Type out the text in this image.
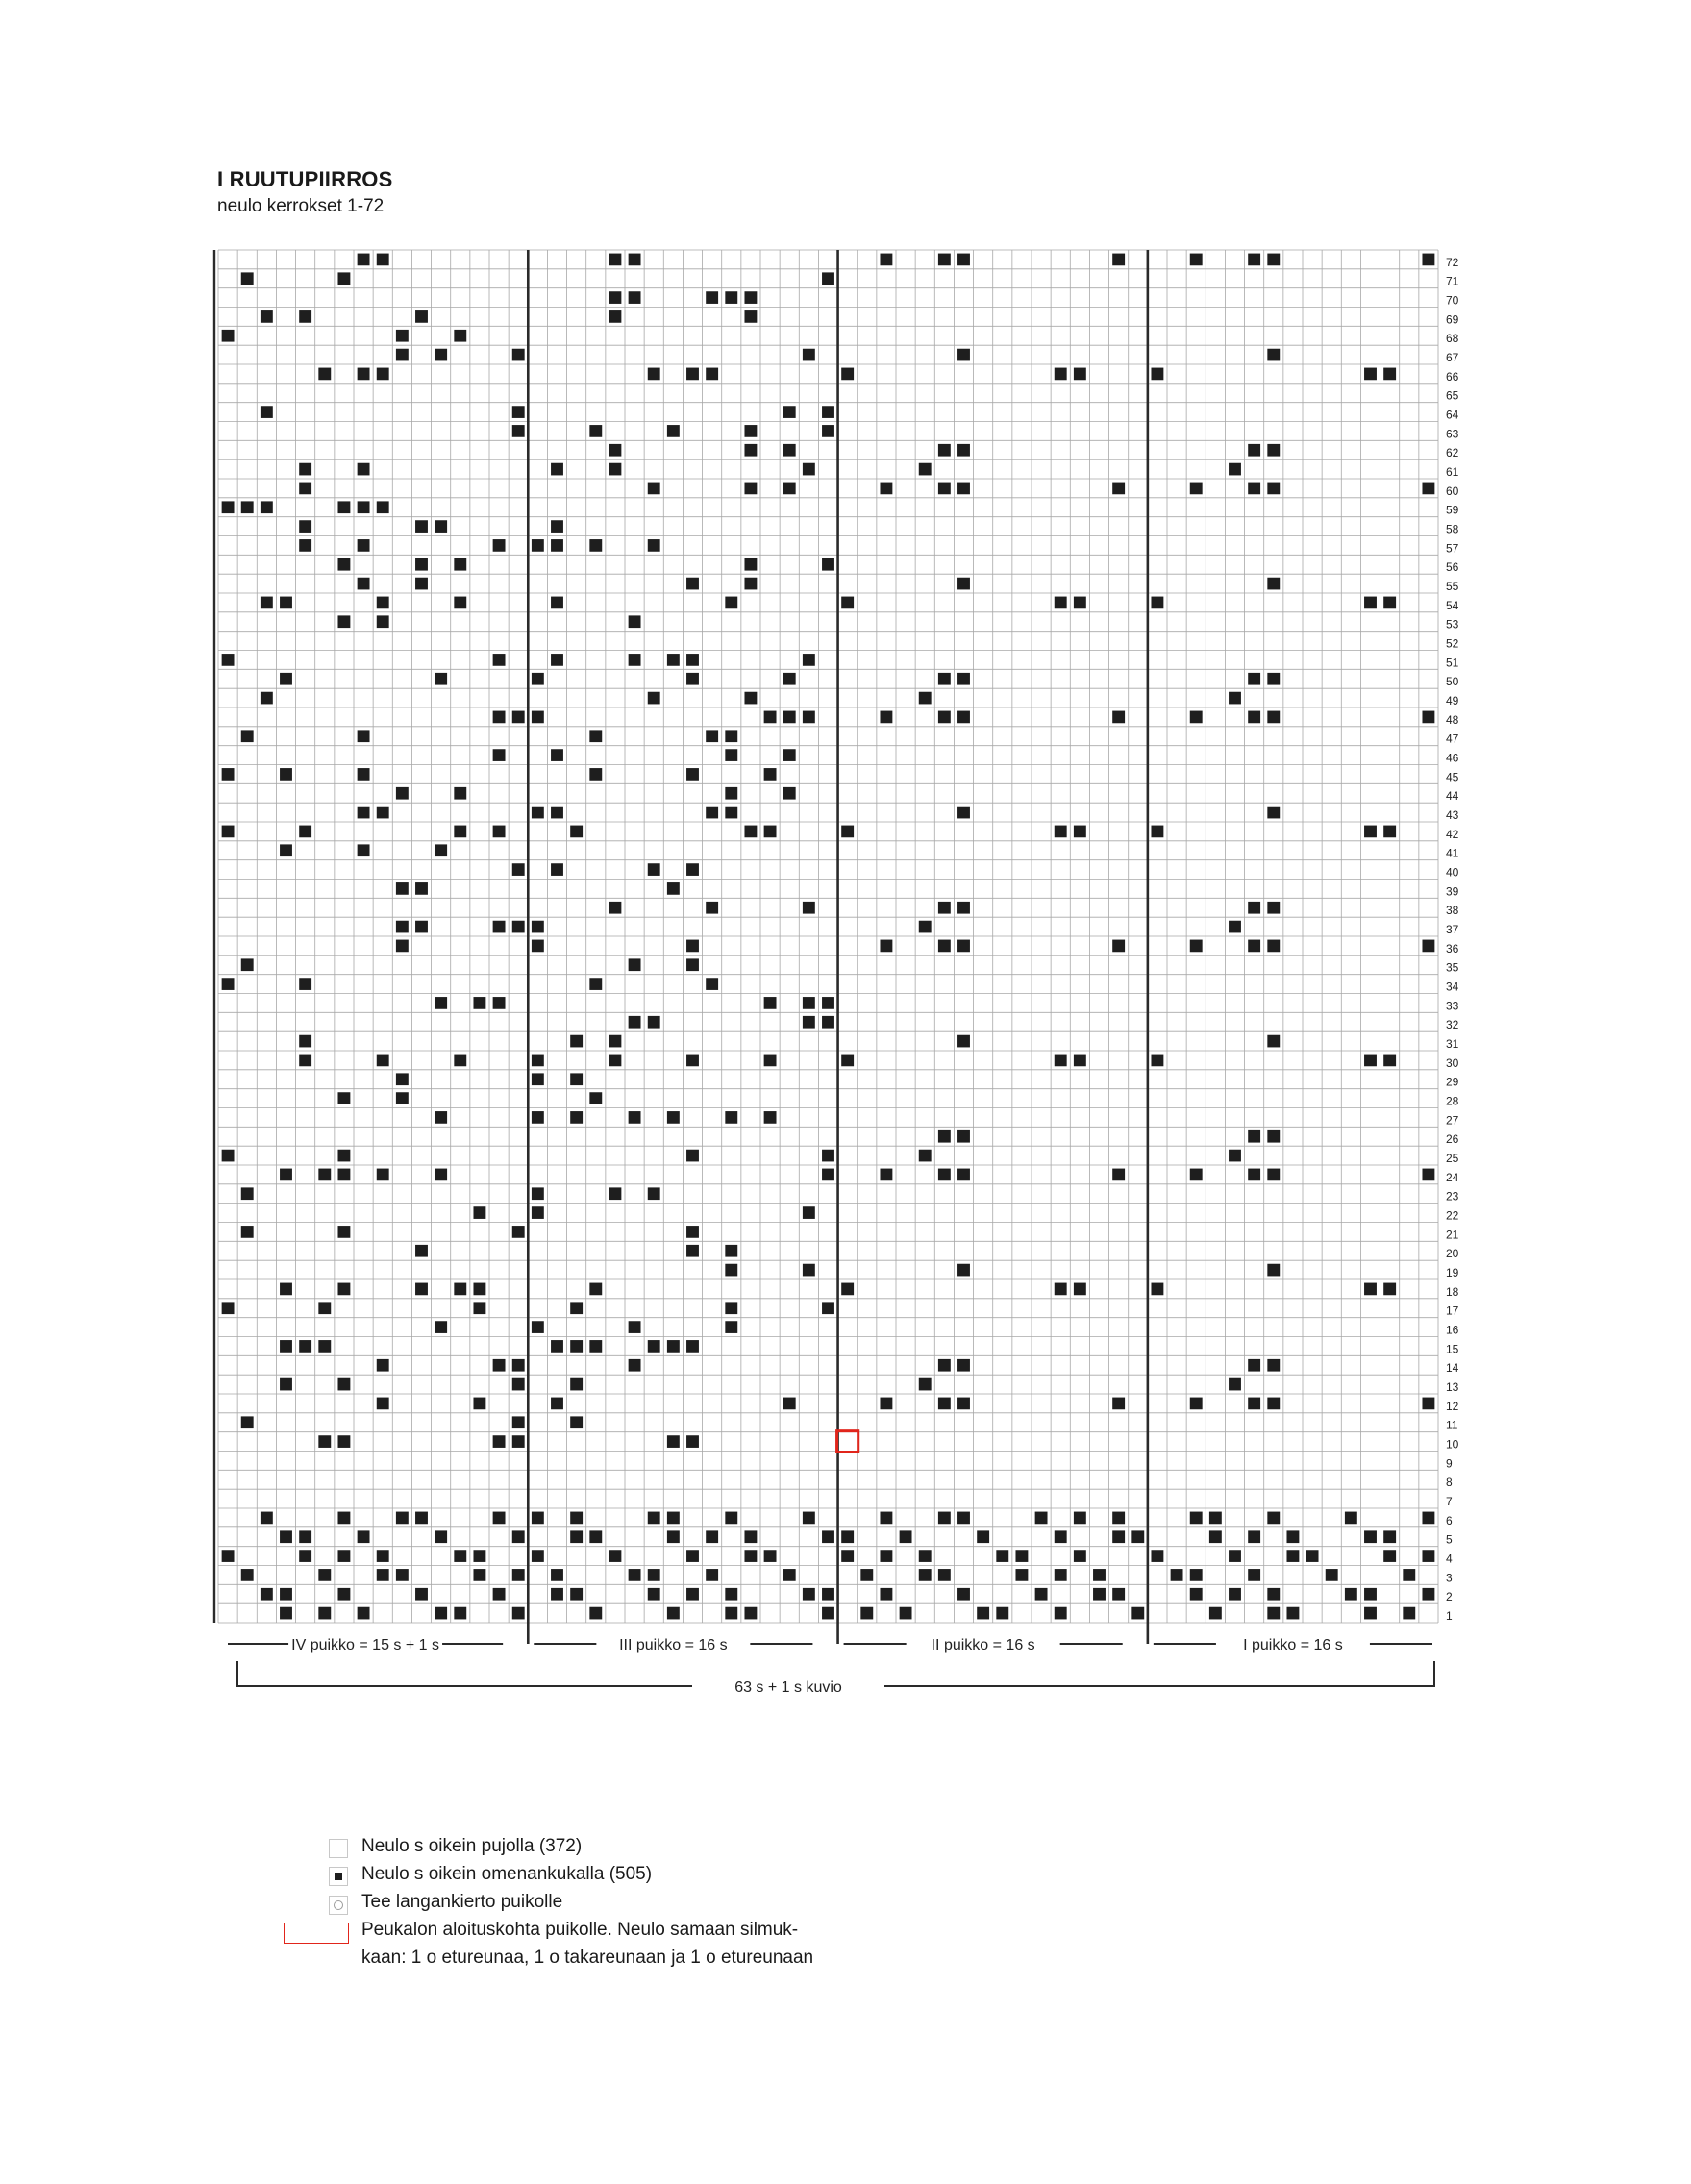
I RUUTUPIIRROS
neulo kerrokset 1-72
1
2
3
4
5
6
7
8
9
10
11
12
13
14
15
16
17
18
19
20
21
22
23
24
25
26
27
28
29
30
31
32
33
34
35
36
37
38
39
40
41
42
43
44
45
46
47
48
49
50
51
52
53
54
55
56
57
58
59
60
61
62
63
64
65
66
67
68
69
70
71
72
IV puikko = 15 s + 1 s	III puikko = 16 s	II puikko = 16 s	I puikko = 16 s
63 s + 1 s kuvio
Neulo s oikein pujolla (372)
Neulo s oikein omenankukalla (505)
Tee langankierto puikolle
Peukalon aloituskohta puikolle. Neulo samaan silmuk-
kaan: 1 o etureunaa, 1 o takareunaan ja 1 o etureunaan
